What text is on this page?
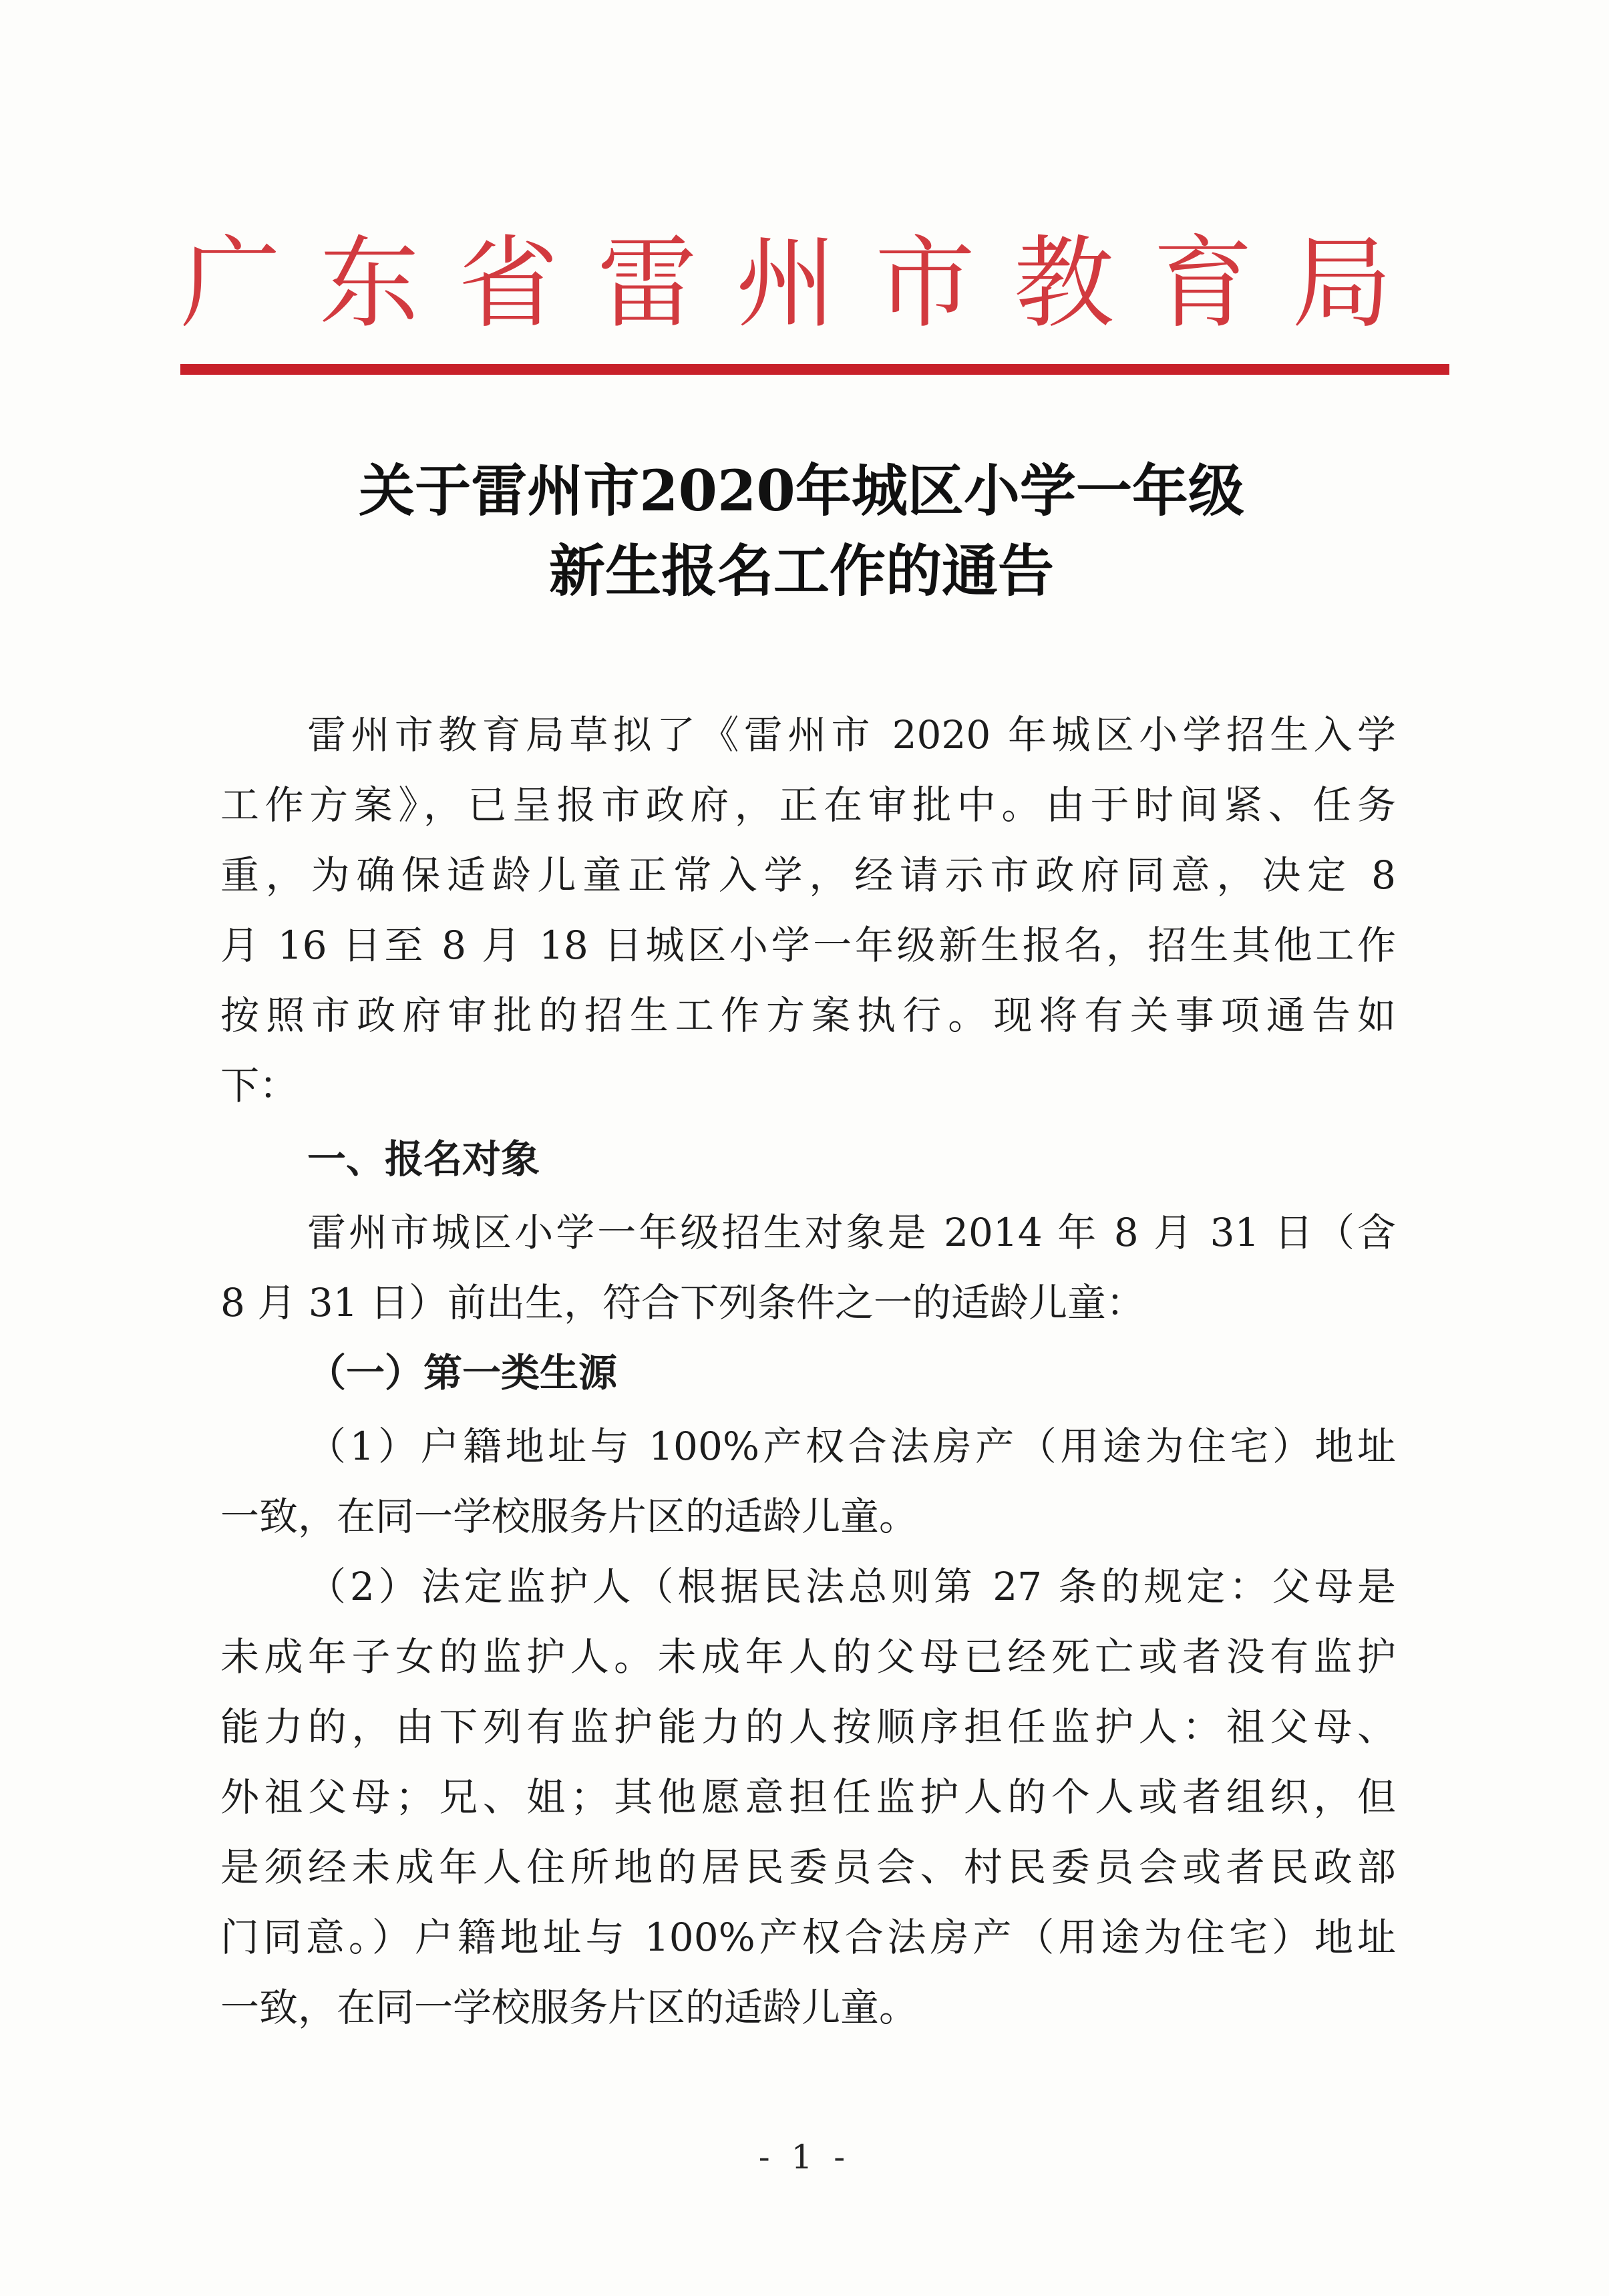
广东省雷州市教育局
关于雷州市2020年城区小学一年级
新生报名工作的通告
雷州市教育局草拟了《雷州市 2020 年城区小学招生入学
工作方案》，已呈报市政府，正在审批中。由于时间紧、任务
重，为确保适龄儿童正常入学，经请示市政府同意，决定 8
月 16 日至 8 月 18 日城区小学一年级新生报名，招生其他工作
按照市政府审批的招生工作方案执行。现将有关事项通告如
下：
一、报名对象
雷州市城区小学一年级招生对象是 2014 年 8 月 31 日（含
8 月 31 日）前出生，符合下列条件之一的适龄儿童：
（一）第一类生源
（1）户籍地址与 100%产权合法房产（用途为住宅）地址
一致，在同一学校服务片区的适龄儿童。
（2）法定监护人（根据民法总则第 27 条的规定：父母是
未成年子女的监护人。未成年人的父母已经死亡或者没有监护
能力的，由下列有监护能力的人按顺序担任监护人：祖父母、
外祖父母；兄、姐；其他愿意担任监护人的个人或者组织，但
是须经未成年人住所地的居民委员会、村民委员会或者民政部
门同意。）户籍地址与 100%产权合法房产（用途为住宅）地址
一致，在同一学校服务片区的适龄儿童。
- 1 -
